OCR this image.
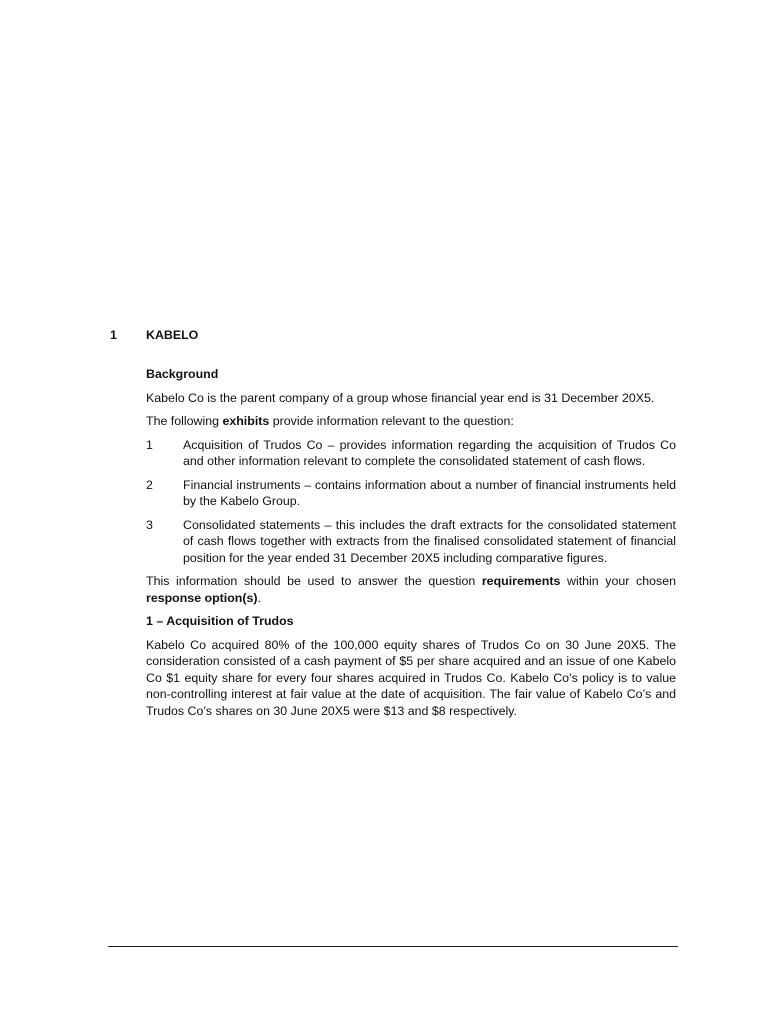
1 KABELO

Background

Kabelo Co is the parent company of a group whose financial year end is 31 December 20X5.

The following exhibits provide information relevant to the question:

1	Acquisition of Trudos Co – provides information regarding the acquisition of Trudos Co and other information relevant to complete the consolidated statement of cash flows.
2	Financial instruments – contains information about a number of financial instruments held by the Kabelo Group.
3	Consolidated statements – this includes the draft extracts for the consolidated statement of cash flows together with extracts from the finalised consolidated statement of financial position for the year ended 31 December 20X5 including comparative figures.

This information should be used to answer the question requirements within your chosen response option(s).

1 – Acquisition of Trudos

Kabelo Co acquired 80% of the 100,000 equity shares of Trudos Co on 30 June 20X5. The consideration consisted of a cash payment of $5 per share acquired and an issue of one Kabelo Co $1 equity share for every four shares acquired in Trudos Co. Kabelo Co’s policy is to value non-controlling interest at fair value at the date of acquisition. The fair value of Kabelo Co’s and Trudos Co’s shares on 30 June 20X5 were $13 and $8 respectively.
